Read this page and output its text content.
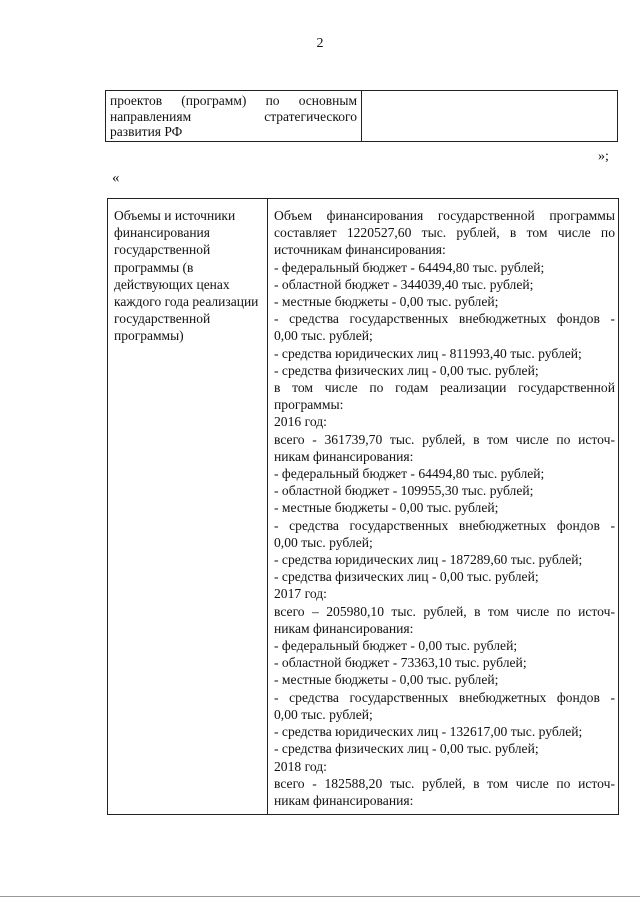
2
проектов (программ) по основным
направлениям стратегического
развития РФ
»;
«
Объемы и источники финансирования государственной программы (в действующих ценах каждого года реализации государственной программы)
Объем финансирования государственной программы
составляет 1220527,60 тыс. рублей, в том числе по
источникам финансирования:
- федеральный бюджет - 64494,80 тыс. рублей;
- областной бюджет - 344039,40 тыс. рублей;
- местные бюджеты - 0,00 тыс. рублей;
- средства государственных внебюджетных фондов -
0,00 тыс. рублей;
- средства юридических лиц - 811993,40 тыс. рублей;
- средства физических лиц - 0,00 тыс. рублей;
в том числе по годам реализации государственной
программы:
2016 год:
всего - 361739,70 тыс. рублей, в том числе по источ-
никам финансирования:
- федеральный бюджет - 64494,80 тыс. рублей;
- областной бюджет - 109955,30 тыс. рублей;
- местные бюджеты - 0,00 тыс. рублей;
- средства государственных внебюджетных фондов -
0,00 тыс. рублей;
- средства юридических лиц - 187289,60 тыс. рублей;
- средства физических лиц - 0,00 тыс. рублей;
2017 год:
всего – 205980,10 тыс. рублей, в том числе по источ-
никам финансирования:
- федеральный бюджет - 0,00 тыс. рублей;
- областной бюджет - 73363,10 тыс. рублей;
- местные бюджеты - 0,00 тыс. рублей;
- средства государственных внебюджетных фондов -
0,00 тыс. рублей;
- средства юридических лиц - 132617,00 тыс. рублей;
- средства физических лиц - 0,00 тыс. рублей;
2018 год:
всего - 182588,20 тыс. рублей, в том числе по источ-
никам финансирования:
